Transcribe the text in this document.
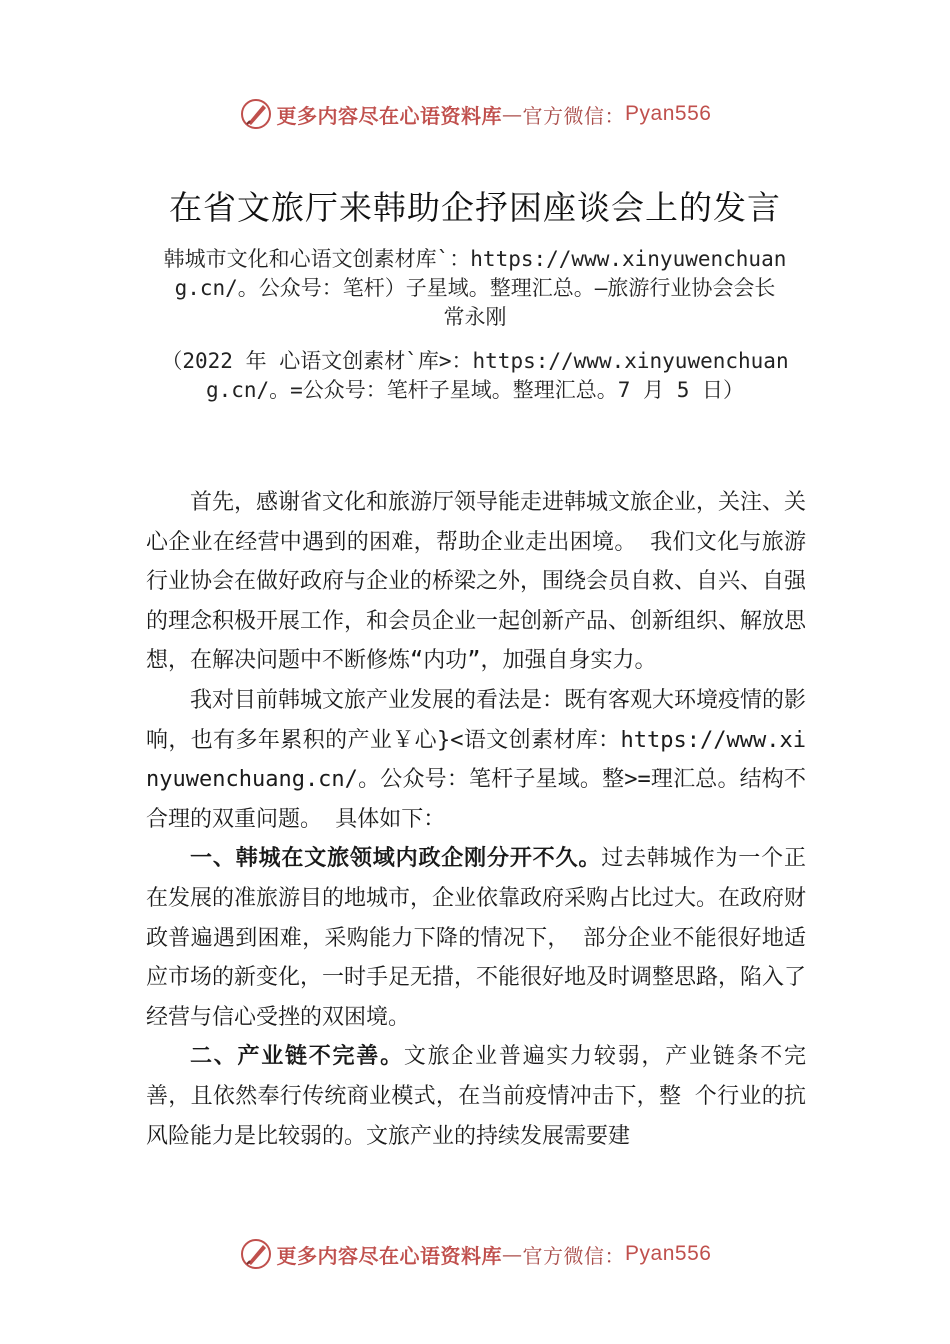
更多内容尽在心语资料库 — 官方微信： Pyan556
在省文旅厅来韩助企抒困座谈会上的发言
韩城市文化和心语文创素材库`：https://www.xinyuwenchuang.cn/。公众号：笔杆）子星域。整理汇总。—旅游行业协会会长 常永刚
（2022 年 心语文创素材`库>：https://www.xinyuwenchuang.cn/。=公众号：笔杆子星域。整理汇总。7 月 5 日）

首先，感谢省文化和旅游厅领导能走进韩城文旅企业，关注、关心企业在经营中遇到的困难，帮助企业走出困境。 我们文化与旅游行业协会在做好政府与企业的桥梁之外，围绕会员自救、自兴、自强的理念积极开展工作，和会员企业一起创新产品、创新组织、解放思想，在解决问题中不断修炼“内功”，加强自身实力。

我对目前韩城文旅产业发展的看法是：既有客观大环境疫情的影响，也有多年累积的产业￥心}<语文创素材库：https://www.xinyuwenchuang.cn/。公众号：笔杆子星域。整>=理汇总。结构不合理的双重问题。 具体如下：

一、韩城在文旅领域内政企刚分开不久。过去韩城作为一个正在发展的准旅游目的地城市，企业依靠政府采购占比过大。在政府财政普遍遇到困难，采购能力下降的情况下， 部分企业不能很好地适应市场的新变化，一时手足无措，不能很好地及时调整思路，陷入了经营与信心受挫的双困境。

二、产业链不完善。文旅企业普遍实力较弱，产业链条不完善，且依然奉行传统商业模式，在当前疫情冲击下，整 个行业的抗风险能力是比较弱的。文旅产业的持续发展需要建

更多内容尽在心语资料库 — 官方微信： Pyan556
